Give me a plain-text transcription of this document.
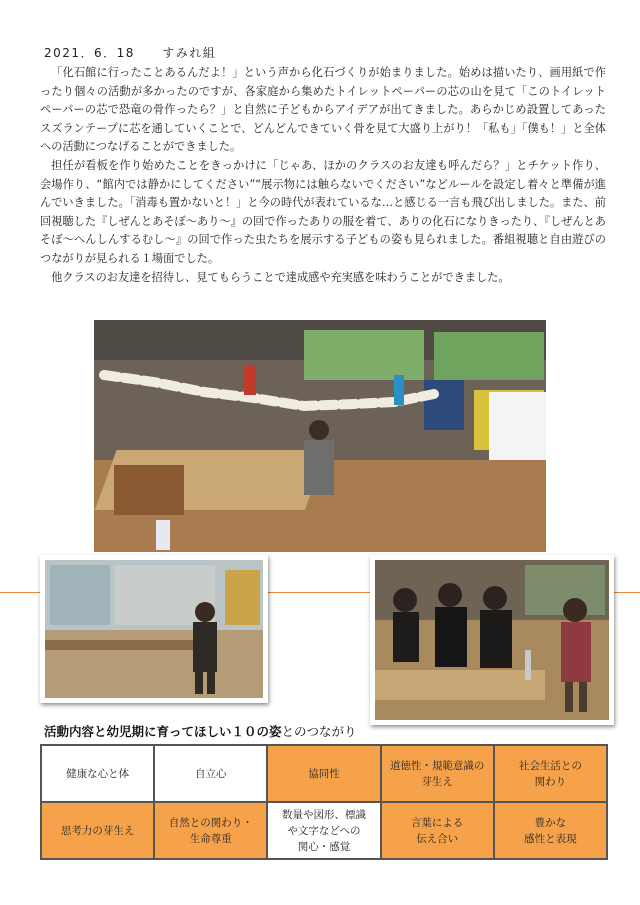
2021．6．18 すみれ組

「化石館に行ったことあるんだよ！」という声から化石づくりが始まりました。始めは描いたり、画用紙で作ったり個々の活動が多かったのですが、各家庭から集めたトイレットペーパーの芯の山を見て「このトイレットペーパーの芯で恐竜の骨作ったら？」と自然に子どもからアイデアが出てきました。あらかじめ設置してあったスズランテープに芯を通していくことで、どんどんできていく骨を見て大盛り上がり！「私も」「僕も！」と全体への活動につなげることができました。

担任が看板を作り始めたことをきっかけに「じゃあ、ほかのクラスのお友達も呼んだら？」とチケット作り、会場作り、“館内では静かにしてください”“展示物には触らないでください”などルールを設定し着々と準備が進んでいきました。「消毒も置かないと！」と今の時代が表れているな…と感じる一言も飛び出しました。また、前回視聴した『しぜんとあそぼ〜あり〜』の回で作ったありの服を着て、ありの化石になりきったり、『しぜんとあそぼ〜へんしんするむし〜』の回で作った虫たちを展示する子どもの姿も見られました。番組視聴と自由遊びのつながりが見られる１場面でした。

他クラスのお友達を招待し、見てもらうことで達成感や充実感を味わうことができました。

活動内容と幼児期に育ってほしい１０の姿とのつながり
健康な心と体	自立心	協同性
道徳性・規範意識の
芽生え
社会生活との
関わり
思考力の芽生え
自然との関わり・
生命尊重
数量や図形、標識
や文字などへの
関心・感覚
言葉による
伝え合い
豊かな
感性と表現
